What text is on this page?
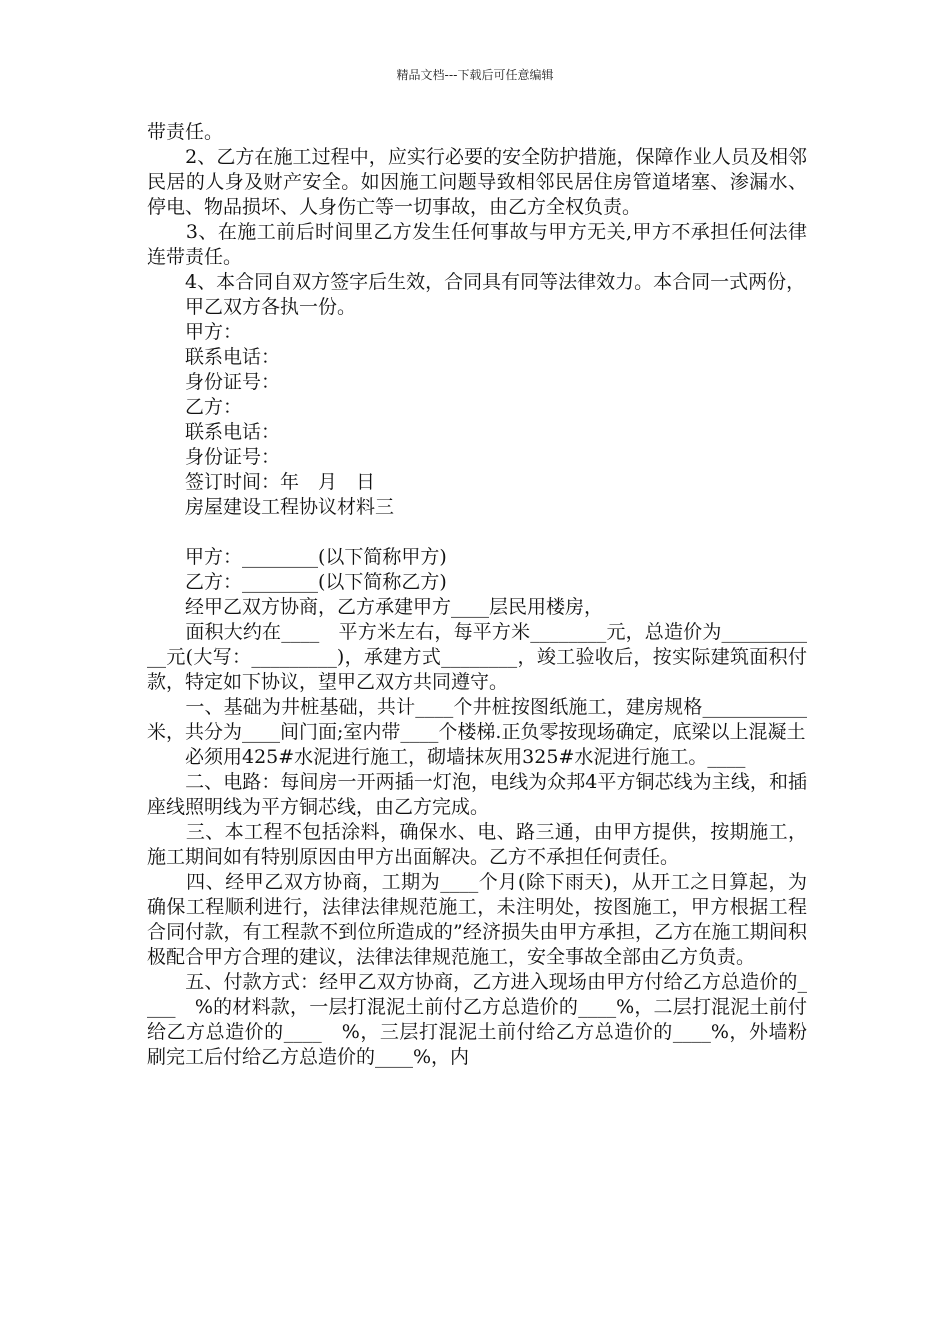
精品文档---下载后可任意编辑

带责任。

　　2、乙方在施工过程中，应实行必要的安全防护措施，保障作业人员及相邻民居的人身及财产安全。如因施工问题导致相邻民居住房管道堵塞、渗漏水、停电、物品损坏、人身伤亡等一切事故，由乙方全权负责。

　　3、在施工前后时间里乙方发生任何事故与甲方无关,甲方不承担任何法律连带责任。

　　4、本合同自双方签字后生效，合同具有同等法律效力。本合同一式两份，

　　甲乙双方各执一份。

　　甲方：

　　联系电话：

　　身份证号：

　　乙方：

　　联系电话：

　　身份证号：

　　签订时间：年　月　日

　　房屋建设工程协议材料三

　　甲方：________(以下简称甲方)

　　乙方：________(以下简称乙方)

　　经甲乙双方协商，乙方承建甲方____层民用楼房，

　　面积大约在____　平方米左右，每平方米________元，总造价为___________元(大写：_________)，承建方式________，竣工验收后，按实际建筑面积付款，特定如下协议，望甲乙双方共同遵守。

　　一、基础为井桩基础，共计____个井桩按图纸施工，建房规格___________米，共分为____间门面;室内带____个楼梯.正负零按现场确定，底梁以上混凝土

　　必须用425#水泥进行施工，砌墙抹灰用325#水泥进行施工。____

　　二、电路：每间房一开两插一灯泡，电线为众邦4平方铜芯线为主线，和插座线照明线为平方铜芯线，由乙方完成。

　　三、本工程不包括涂料，确保水、电、路三通，由甲方提供，按期施工，施工期间如有特别原因由甲方出面解决。乙方不承担任何责任。

　　四、经甲乙双方协商，工期为____个月(除下雨天)，从开工之日算起，为确保工程顺利进行，法律法律规范施工，未注明处，按图施工，甲方根据工程合同付款，有工程款不到位所造成的”经济损失由甲方承担，乙方在施工期间积极配合甲方合理的建议，法律法律规范施工，安全事故全部由乙方负责。

　　五、付款方式：经甲乙双方协商，乙方进入现场由甲方付给乙方总造价的____　%的材料款，一层打混泥土前付乙方总造价的____%，二层打混泥土前付给乙方总造价的____　%，三层打混泥土前付给乙方总造价的____%，外墙粉刷完工后付给乙方总造价的____%，内
